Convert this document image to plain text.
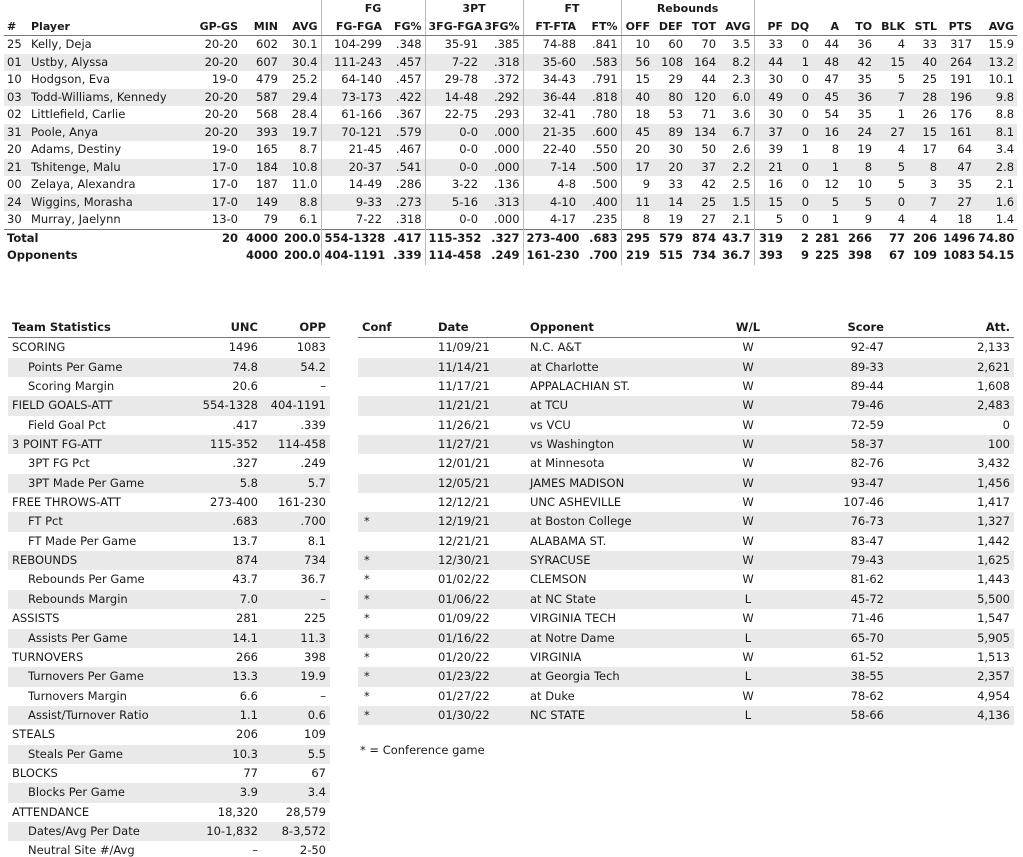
					FG		3PT		FT		Rebounds											
#	Player	GP-GS	MIN	AVG	FG-FGA	FG%	3FG-FGA	3FG%	FT-FTA	FT%	OFF	DEF	TOT	AVG	PF	DQ	A	TO	BLK	STL	PTS	AVG
25	Kelly, Deja	20-20	602	30.1	104-299	.348	35-91	.385	74-88	.841	10	60	70	3.5	33	0	44	36	4	33	317	15.9
01	Ustby, Alyssa	20-20	607	30.4	111-243	.457	7-22	.318	35-60	.583	56	108	164	8.2	44	1	48	42	15	40	264	13.2
10	Hodgson, Eva	19-0	479	25.2	64-140	.457	29-78	.372	34-43	.791	15	29	44	2.3	30	0	47	35	5	25	191	10.1
03	Todd-Williams, Kennedy	20-20	587	29.4	73-173	.422	14-48	.292	36-44	.818	40	80	120	6.0	49	0	45	36	7	28	196	9.8
02	Littlefield, Carlie	20-20	568	28.4	61-166	.367	22-75	.293	32-41	.780	18	53	71	3.6	30	0	54	35	1	26	176	8.8
31	Poole, Anya	20-20	393	19.7	70-121	.579	0-0	.000	21-35	.600	45	89	134	6.7	37	0	16	24	27	15	161	8.1
20	Adams, Destiny	19-0	165	8.7	21-45	.467	0-0	.000	22-40	.550	20	30	50	2.6	39	1	8	19	4	17	64	3.4
21	Tshitenge, Malu	17-0	184	10.8	20-37	.541	0-0	.000	7-14	.500	17	20	37	2.2	21	0	1	8	5	8	47	2.8
00	Zelaya, Alexandra	17-0	187	11.0	14-49	.286	3-22	.136	4-8	.500	9	33	42	2.5	16	0	12	10	5	3	35	2.1
24	Wiggins, Morasha	17-0	149	8.8	9-33	.273	5-16	.313	4-10	.400	11	14	25	1.5	15	0	5	5	0	7	27	1.6
30	Murray, Jaelynn	13-0	79	6.1	7-22	.318	0-0	.000	4-17	.235	8	19	27	2.1	5	0	1	9	4	4	18	1.4
Total		20	4000	200.0	554-1328	.417	115-352	.327	273-400	.683	295	579	874	43.7	319	2	281	266	77	206	1496	74.80
Opponents			4000	200.0	404-1191	.339	114-458	.249	161-230	.700	219	515	734	36.7	393	9	225	398	67	109	1083	54.15
Team Statistics	UNC	OPP
SCORING	1496	1083
Points Per Game	74.8	54.2
Scoring Margin	20.6	–
FIELD GOALS-ATT	554-1328	404-1191
Field Goal Pct	.417	.339
3 POINT FG-ATT	115-352	114-458
3PT FG Pct	.327	.249
3PT Made Per Game	5.8	5.7
FREE THROWS-ATT	273-400	161-230
FT Pct	.683	.700
FT Made Per Game	13.7	8.1
REBOUNDS	874	734
Rebounds Per Game	43.7	36.7
Rebounds Margin	7.0	–
ASSISTS	281	225
Assists Per Game	14.1	11.3
TURNOVERS	266	398
Turnovers Per Game	13.3	19.9
Turnovers Margin	6.6	–
Assist/Turnover Ratio	1.1	0.6
STEALS	206	109
Steals Per Game	10.3	5.5
BLOCKS	77	67
Blocks Per Game	3.9	3.4
ATTENDANCE	18,320	28,579
Dates/Avg Per Date	10-1,832	8-3,572
Neutral Site #/Avg	–	2-50
Conf	Date	Opponent	W/L	Score	Att.
	11/09/21	N.C. A&T	W	92-47	2,133
	11/14/21	at Charlotte	W	89-33	2,621
	11/17/21	APPALACHIAN ST.	W	89-44	1,608
	11/21/21	at TCU	W	79-46	2,483
	11/26/21	vs VCU	W	72-59	0
	11/27/21	vs Washington	W	58-37	100
	12/01/21	at Minnesota	W	82-76	3,432
	12/05/21	JAMES MADISON	W	93-47	1,456
	12/12/21	UNC ASHEVILLE	W	107-46	1,417
*	12/19/21	at Boston College	W	76-73	1,327
	12/21/21	ALABAMA ST.	W	83-47	1,442
*	12/30/21	SYRACUSE	W	79-43	1,625
*	01/02/22	CLEMSON	W	81-62	1,443
*	01/06/22	at NC State	L	45-72	5,500
*	01/09/22	VIRGINIA TECH	W	71-46	1,547
*	01/16/22	at Notre Dame	L	65-70	5,905
*	01/20/22	VIRGINIA	W	61-52	1,513
*	01/23/22	at Georgia Tech	L	38-55	2,357
*	01/27/22	at Duke	W	78-62	4,954
*	01/30/22	NC STATE	L	58-66	4,136
* = Conference game
